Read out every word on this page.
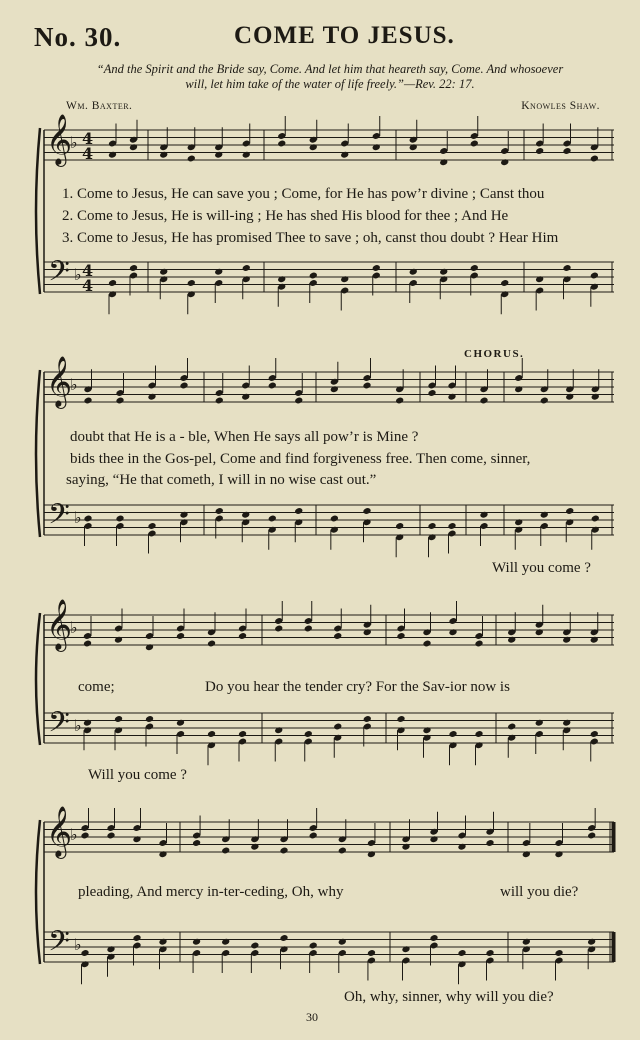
No. 30.	COME TO JESUS.
“And the Spirit and the Bride say, Come. And let him that heareth say, Come. And whosoever
will, let him take of the water of life freely.”—Rev. 22: 17.
Wm. Baxter.	Knowles Shaw.
𝄞
𝄢
♭
♭
4
4
4
4
𝄞
𝄢
♭
♭
𝄞
𝄢
♭
♭
𝄞
𝄢
♭
♭
1. Come to Jesus, He can save you ; Come, for He has pow’r divine ; Canst thou
2. Come to Jesus, He is will-ing ; He has shed His blood for thee ; And He
3. Come to Jesus, He has promised Thee to save ; oh, canst thou doubt ? Hear Him
CHORUS.
doubt that He is a - ble, When He says all pow’r is Mine ?
bids thee in the Gos-pel, Come and find forgiveness free. Then come, sinner,
saying, “He that cometh, I will in no wise cast out.”
Will you come ?
come;	Do you hear the tender cry? For the Sav-ior now is
Will you come ?
pleading, And mercy in-ter-ceding, Oh, why	will you die?
Oh, why, sinner, why will you die?
30
